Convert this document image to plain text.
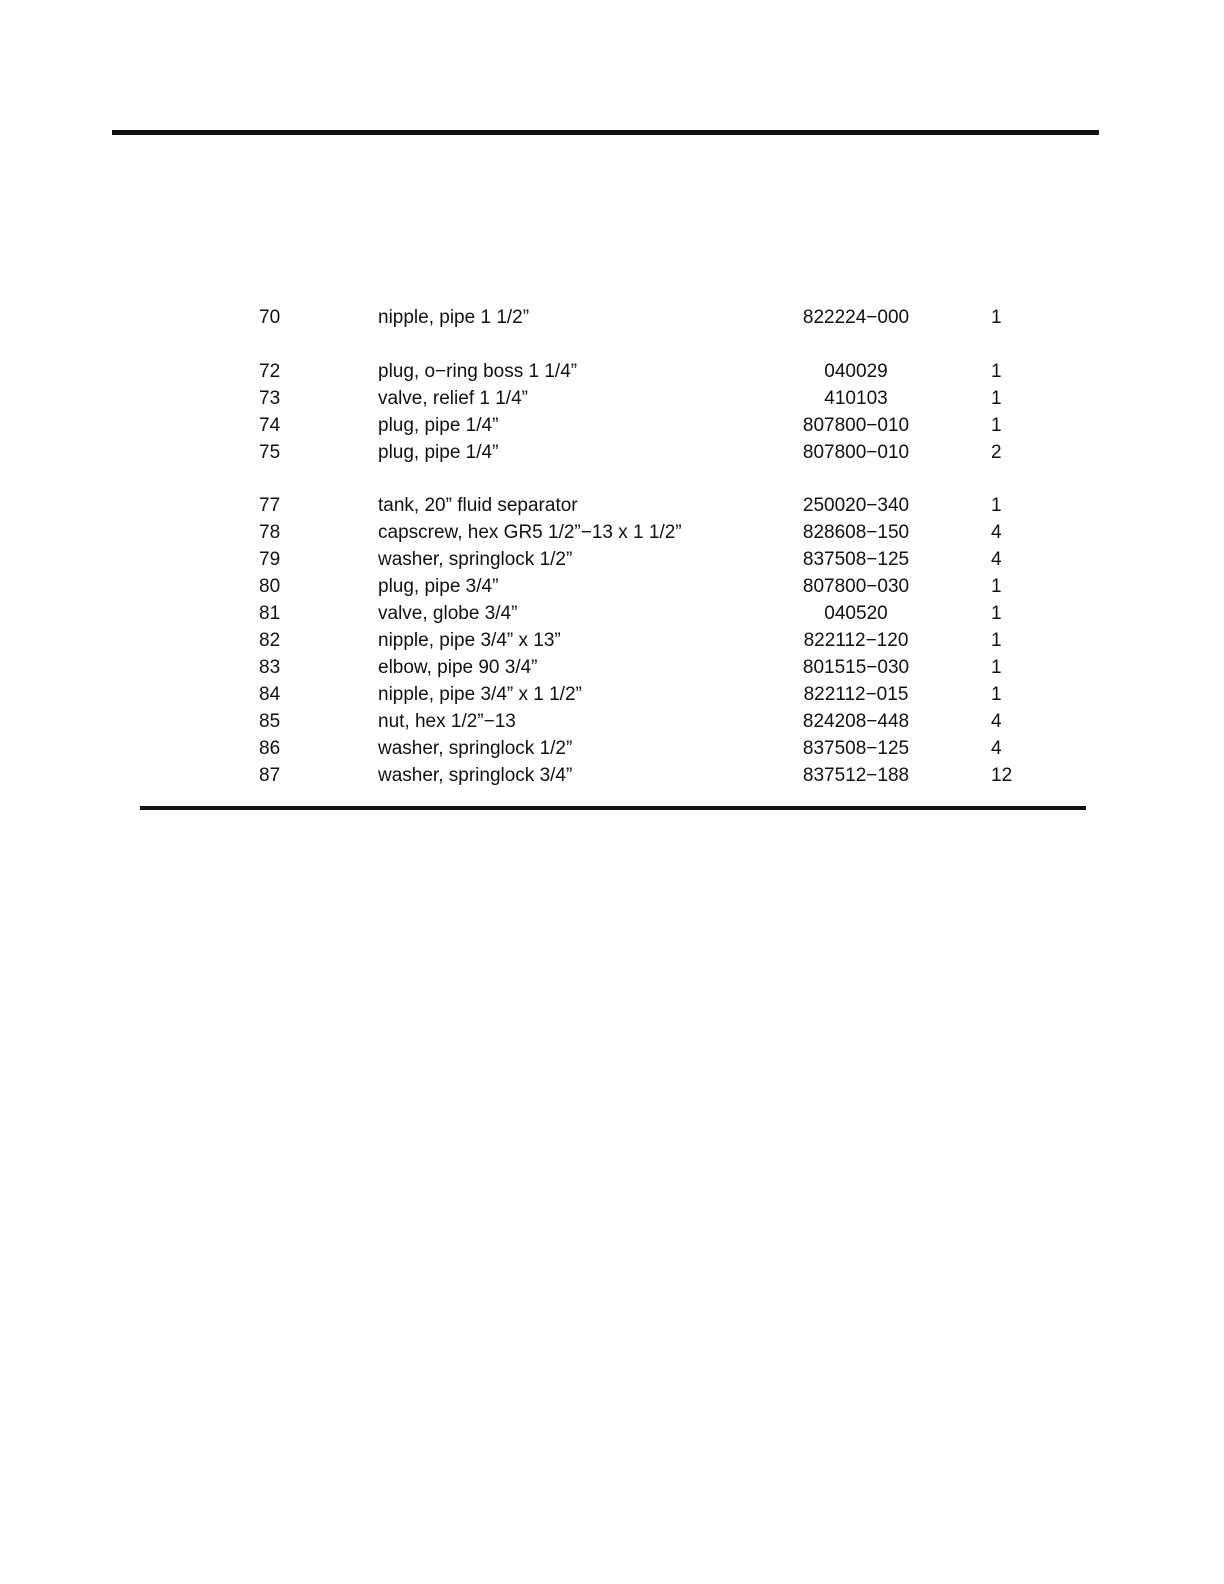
70	nipple, pipe 1 1/2”	822224−000	1
72	plug, o−ring boss 1 1/4”	040029	1
73	valve, relief 1 1/4”	410103	1
74	plug, pipe 1/4”	807800−010	1
75	plug, pipe 1/4”	807800−010	2
77	tank, 20” fluid separator	250020−340	1
78	capscrew, hex GR5 1/2”−13 x 1 1/2”	828608−150	4
79	washer, springlock 1/2”	837508−125	4
80	plug, pipe 3/4”	807800−030	1
81	valve, globe 3/4”	040520	1
82	nipple, pipe 3/4” x 13”	822112−120	1
83	elbow, pipe 90 3/4”	801515−030	1
84	nipple, pipe 3/4” x 1 1/2”	822112−015	1
85	nut, hex 1/2”−13	824208−448	4
86	washer, springlock 1/2”	837508−125	4
87	washer, springlock 3/4”	837512−188	12
